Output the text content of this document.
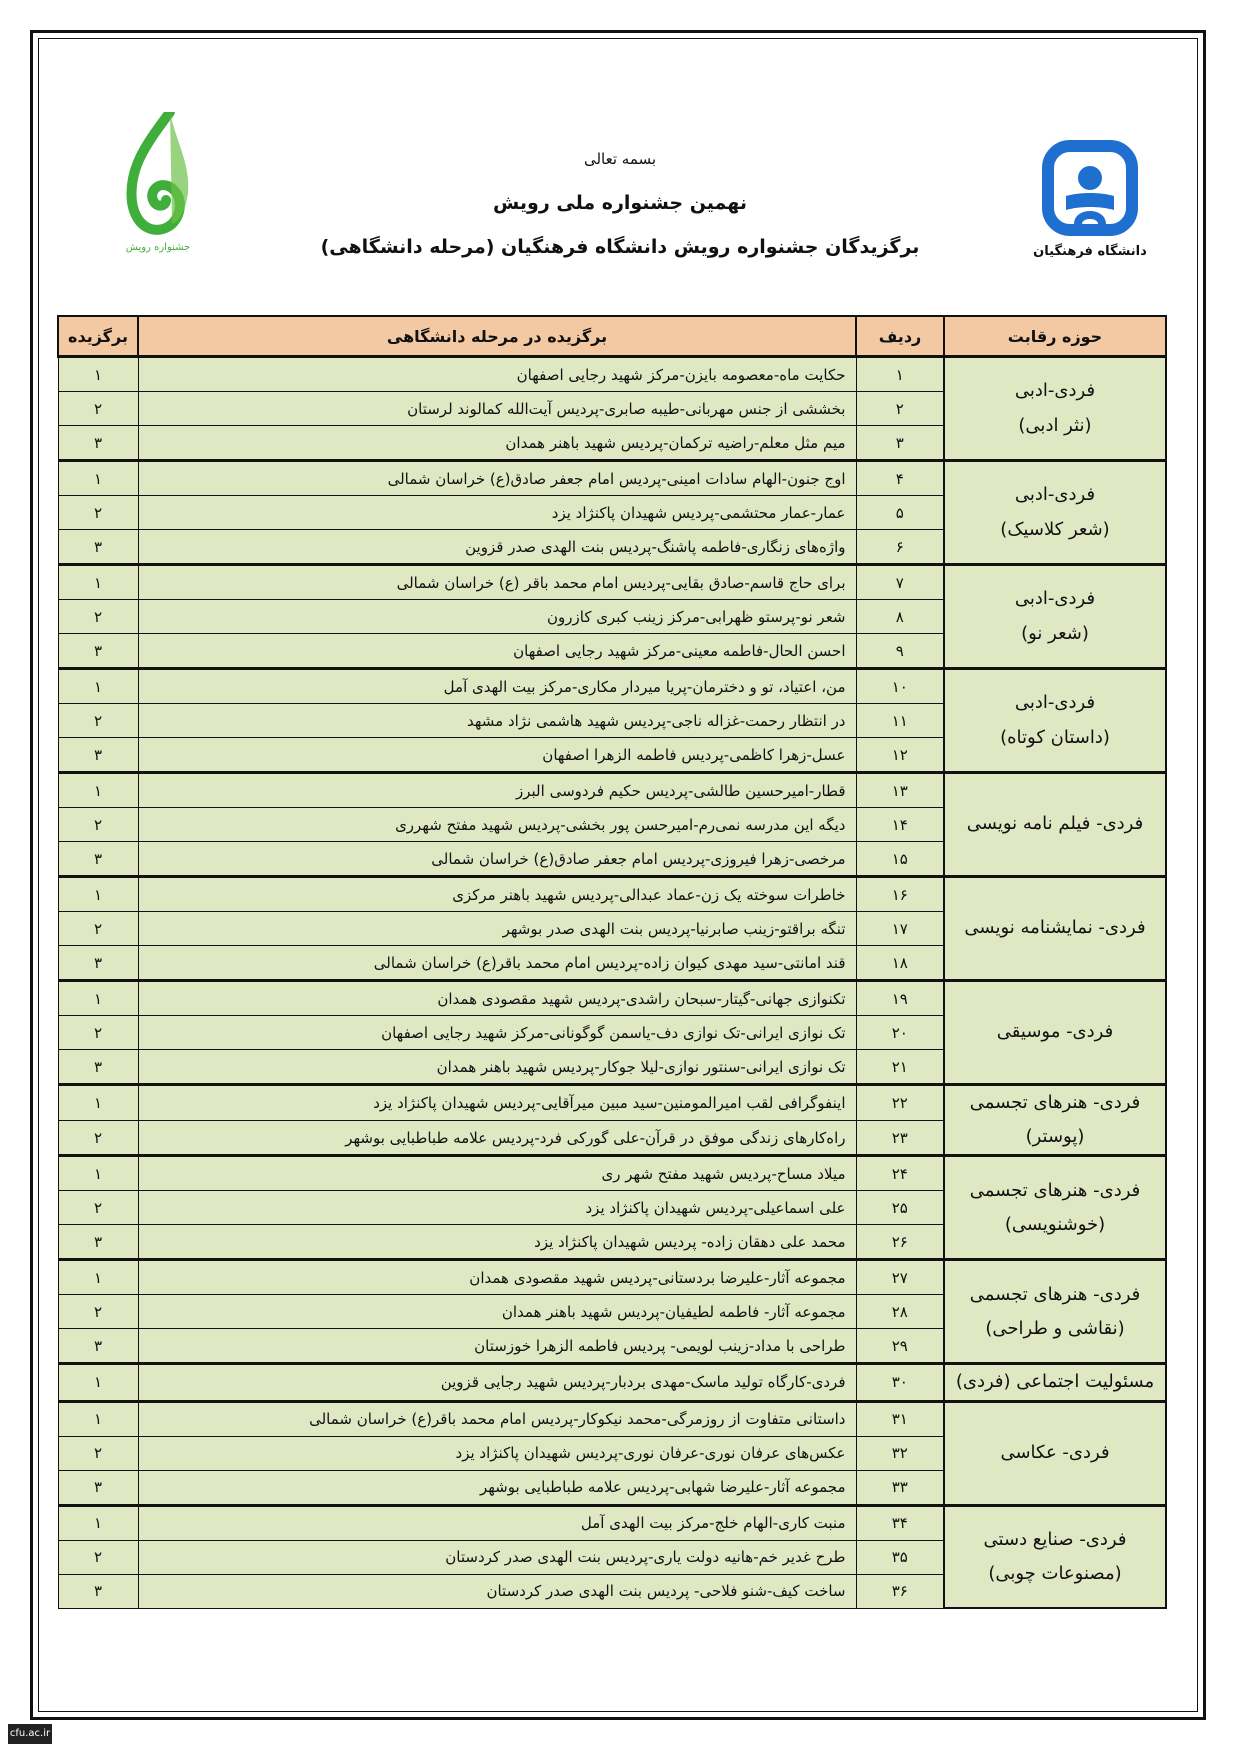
جشنواره رویش	دانشگاه فرهنگیان
بسمه تعالی
نهمین جشنواره ملی رویش
برگزیدگان جشنواره رویش دانشگاه فرهنگیان (مرحله دانشگاهی)
حوزه رقابت	ردیف	برگزیده در مرحله دانشگاهی	برگزیده

فردی-ادبی
(نثر ادبی)	۱	حکایت ماه-معصومه بایزن-مرکز شهید رجایی اصفهان	۱
	۲	بخششی از جنس مهربانی-طیبه صابری-پردیس آیت‌الله کمالوند لرستان	۲
	۳	میم مثل معلم-راضیه ترکمان-پردیس شهید باهنر همدان	۳

فردی-ادبی
(شعر کلاسیک)	۴	اوج جنون-الهام سادات امینی-پردیس امام جعفر صادق(ع) خراسان شمالی	۱
	۵	عمار-عمار محتشمی-پردیس شهیدان پاکنژاد یزد	۲
	۶	واژه‌های زنگاری-فاطمه پاشنگ-پردیس بنت الهدی صدر قزوین	۳

فردی-ادبی
(شعر نو)	۷	برای حاج قاسم-صادق بقایی-پردیس امام محمد باقر (ع) خراسان شمالی	۱
	۸	شعر نو-پرستو ظهرابی-مرکز زینب کبری کازرون	۲
	۹	احسن الحال-فاطمه معینی-مرکز شهید رجایی اصفهان	۳

فردی-ادبی
(داستان کوتاه)	۱۰	من، اعتیاد، تو و دخترمان-پریا میردار مکاری-مرکز بیت الهدی آمل	۱
	۱۱	در انتظار رحمت-غزاله ناجی-پردیس شهید هاشمی نژاد مشهد	۲
	۱۲	عسل-زهرا کاظمی-پردیس فاطمه الزهرا اصفهان	۳

فردی- فیلم نامه نویسی	۱۳	قطار-امیرحسین طالشی-پردیس حکیم فردوسی البرز	۱
	۱۴	دیگه این مدرسه نمی‌رم-امیرحسن پور بخشی-پردیس شهید مفتح شهرری	۲
	۱۵	مرخصی-زهرا فیروزی-پردیس امام جعفر صادق(ع) خراسان شمالی	۳

فردی- نمایشنامه نویسی	۱۶	خاطرات سوخته یک زن-عماد عبدالی-پردیس شهید باهنر مرکزی	۱
	۱۷	تنگه براقتو-زینب صابرنیا-پردیس بنت الهدی صدر بوشهر	۲
	۱۸	قند امانتی-سید مهدی کیوان زاده-پردیس امام محمد باقر(ع) خراسان شمالی	۳

فردی- موسیقی	۱۹	تکنوازی جهانی-گیتار-سبحان راشدی-پردیس شهید مقصودی همدان	۱
	۲۰	تک نوازی ایرانی-تک نوازی دف-یاسمن گوگونانی-مرکز شهید رجایی اصفهان	۲
	۲۱	تک نوازی ایرانی-سنتور نوازی-لیلا جوکار-پردیس شهید باهنر همدان	۳

فردی- هنرهای تجسمی
(پوستر)	۲۲	اینفوگرافی لقب امیرالمومنین-سید مبین میرآقایی-پردیس شهیدان پاکنژاد یزد	۱
	۲۳	راه‌کارهای زندگی موفق در قرآن-علی گورکی فرد-پردیس علامه طباطبایی بوشهر	۲

فردی- هنرهای تجسمی
(خوشنویسی)	۲۴	میلاد مساح-پردیس شهید مفتح شهر ری	۱
	۲۵	علی اسماعیلی-پردیس شهیدان پاکنژاد یزد	۲
	۲۶	محمد علی دهقان زاده- پردیس شهیدان پاکنژاد یزد	۳

فردی- هنرهای تجسمی
(نقاشی و طراحی)	۲۷	مجموعه آثار-علیرضا بردستانی-پردیس شهید مقصودی همدان	۱
	۲۸	مجموعه آثار- فاطمه لطیفیان-پردیس شهید باهنر همدان	۲
	۲۹	طراحی با مداد-زینب لویمی- پردیس فاطمه الزهرا خوزستان	۳

مسئولیت اجتماعی (فردی)	۳۰	فردی-کارگاه تولید ماسک-مهدی بردبار-پردیس شهید رجایی قزوین	۱

فردی- عکاسی	۳۱	داستانی متفاوت از روزمرگی-محمد نیکوکار-پردیس امام محمد باقر(ع) خراسان شمالی	۱
	۳۲	عکس‌های عرفان نوری-عرفان نوری-پردیس شهیدان پاکنژاد یزد	۲
	۳۳	مجموعه آثار-علیرضا شهابی-پردیس علامه طباطبایی بوشهر	۳

فردی- صنایع دستی
(مصنوعات چوبی)	۳۴	منبت کاری-الهام خلج-مرکز بیت الهدی آمل	۱
	۳۵	طرح غدیر خم-هانیه دولت یاری-پردیس بنت الهدی صدر کردستان	۲
	۳۶	ساخت کیف-شنو فلاحی- پردیس بنت الهدی صدر کردستان	۳
cfu.ac.ir
